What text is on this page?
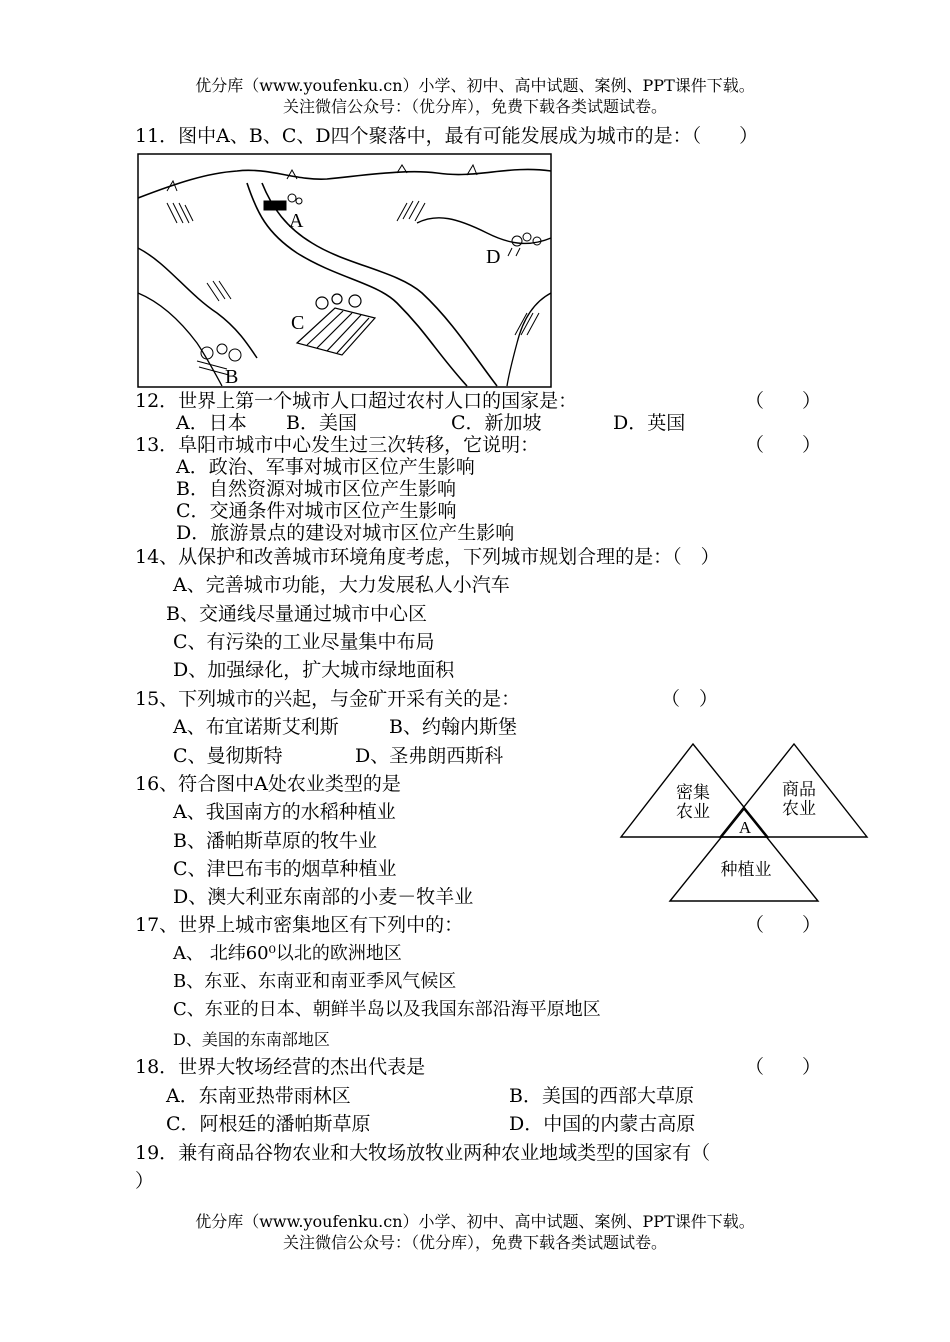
优分库（www.youfenku.cn）小学、初中、高中试题、案例、PPT课件下载。
关注微信公众号：（优分库），免费下载各类试题试卷。
11．图中A、B、C、D四个聚落中，最有可能发展成为城市的是：（　　）
A
D
C
B
12．世界上第一个城市人口超过农村人口的国家是：	（　　）
A．日本 B．美国	C．新加坡	D．英国
13．阜阳市城市中心发生过三次转移，它说明：	（　　）
A．政治、军事对城市区位产生影响
B．自然资源对城市区位产生影响
C．交通条件对城市区位产生影响
D．旅游景点的建设对城市区位产生影响
14、从保护和改善城市环境角度考虑，下列城市规划合理的是：（　）
A、完善城市功能，大力发展私人小汽车
B、交通线尽量通过城市中心区
C、有污染的工业尽量集中布局
D、加强绿化，扩大城市绿地面积
15、下列城市的兴起，与金矿开采有关的是：	（　）
A、布宜诺斯艾利斯	B、约翰内斯堡
C、曼彻斯特	D、圣弗朗西斯科
16、符合图中A处农业类型的是
A、我国南方的水稻种植业
B、潘帕斯草原的牧牛业
C、津巴布韦的烟草种植业
D、澳大利亚东南部的小麦－牧羊业
密集
农业
商品
农业
A
种植业
17、世界上城市密集地区有下列中的：	（　　）
A、 北纬60⁰以北的欧洲地区
B、东亚、东南亚和南亚季风气候区
C、东亚的日本、朝鲜半岛以及我国东部沿海平原地区
D、美国的东南部地区
18．世界大牧场经营的杰出代表是	（　　）
A．东南亚热带雨林区	B．美国的西部大草原
C．阿根廷的潘帕斯草原	D．中国的内蒙古高原
19．兼有商品谷物农业和大牧场放牧业两种农业地域类型的国家有（
）
优分库（www.youfenku.cn）小学、初中、高中试题、案例、PPT课件下载。
关注微信公众号：（优分库），免费下载各类试题试卷。
